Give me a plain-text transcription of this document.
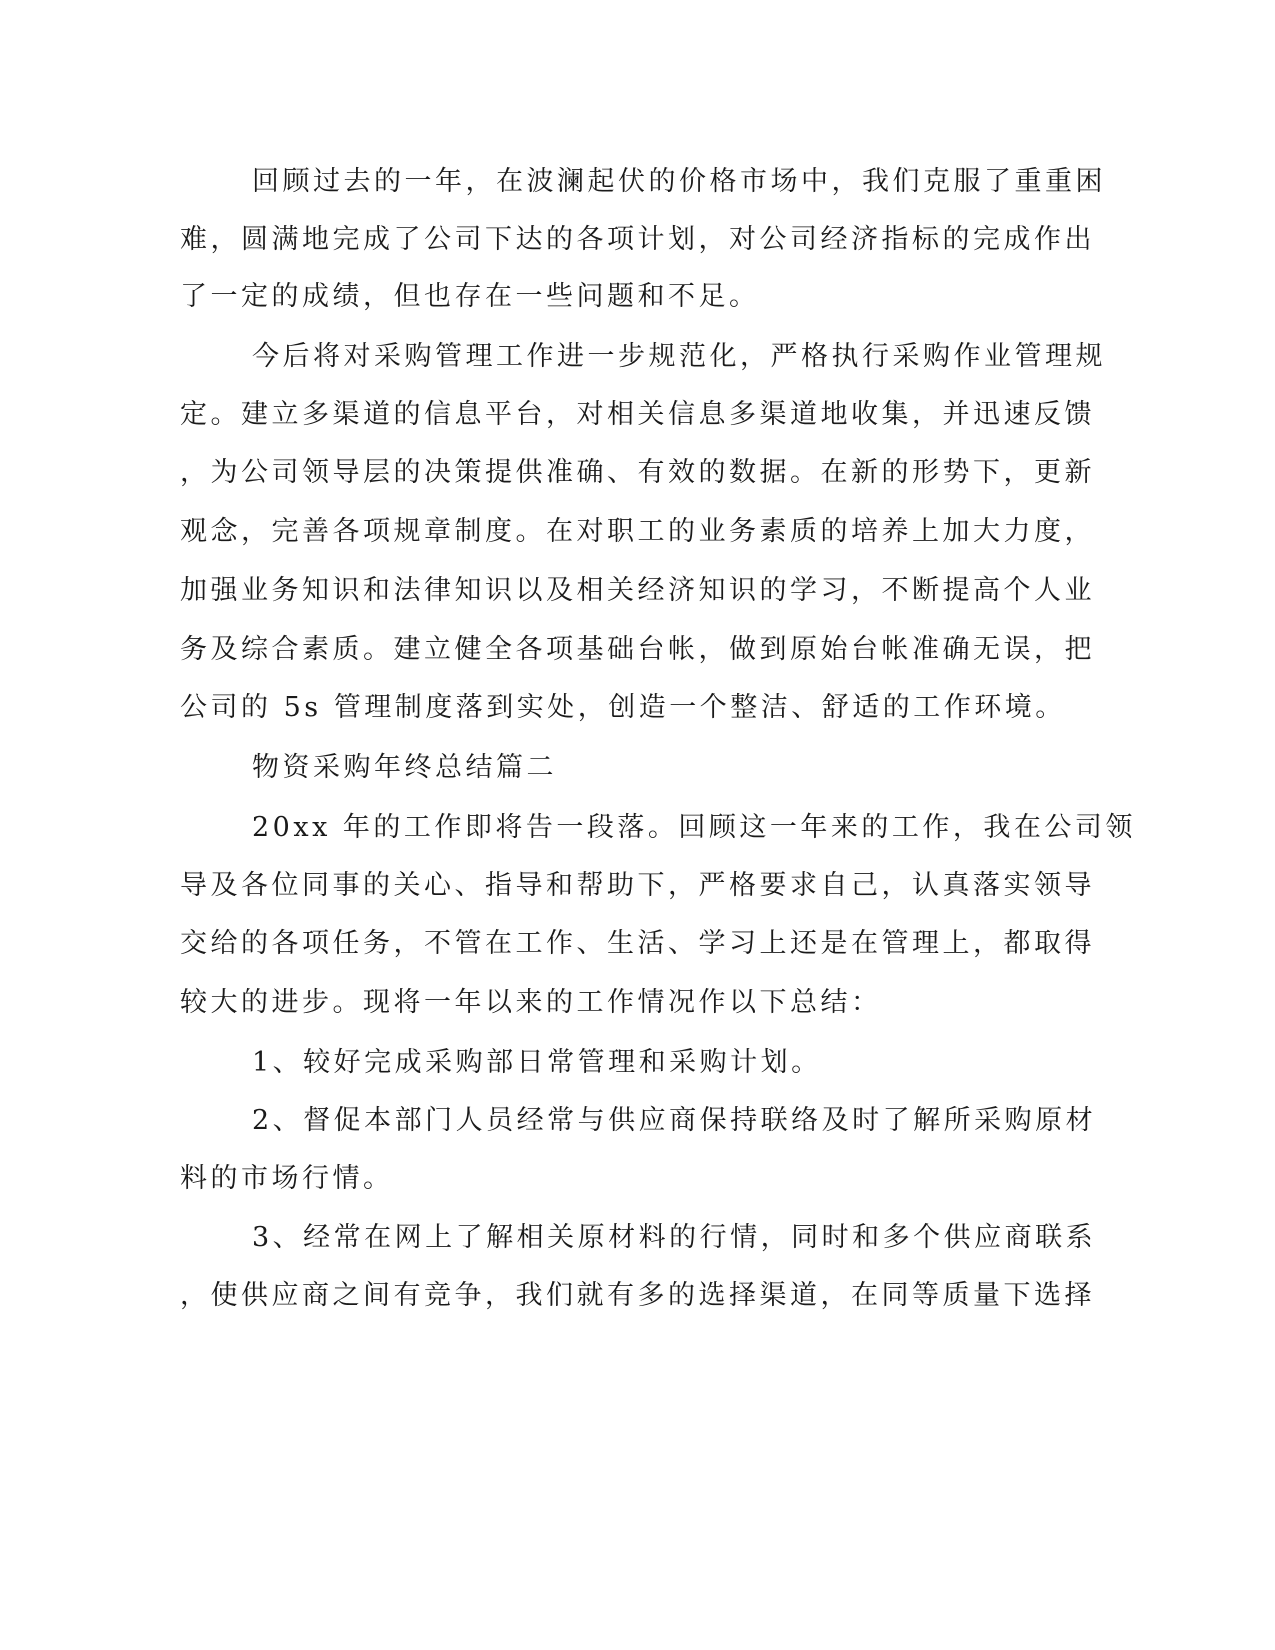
回顾过去的一年，在波澜起伏的价格市场中，我们克服了重重困
难，圆满地完成了公司下达的各项计划，对公司经济指标的完成作出
了一定的成绩，但也存在一些问题和不足。
今后将对采购管理工作进一步规范化，严格执行采购作业管理规
定。建立多渠道的信息平台，对相关信息多渠道地收集，并迅速反馈
，为公司领导层的决策提供准确、有效的数据。在新的形势下，更新
观念，完善各项规章制度。在对职工的业务素质的培养上加大力度，
加强业务知识和法律知识以及相关经济知识的学习，不断提高个人业
务及综合素质。建立健全各项基础台帐，做到原始台帐准确无误，把
公司的 5s 管理制度落到实处，创造一个整洁、舒适的工作环境。
物资采购年终总结篇二
20xx 年的工作即将告一段落。回顾这一年来的工作，我在公司领
导及各位同事的关心、指导和帮助下，严格要求自己，认真落实领导
交给的各项任务，不管在工作、生活、学习上还是在管理上，都取得
较大的进步。现将一年以来的工作情况作以下总结：
1、较好完成采购部日常管理和采购计划。
2、督促本部门人员经常与供应商保持联络及时了解所采购原材
料的市场行情。
3、经常在网上了解相关原材料的行情，同时和多个供应商联系
，使供应商之间有竞争，我们就有多的选择渠道，在同等质量下选择
